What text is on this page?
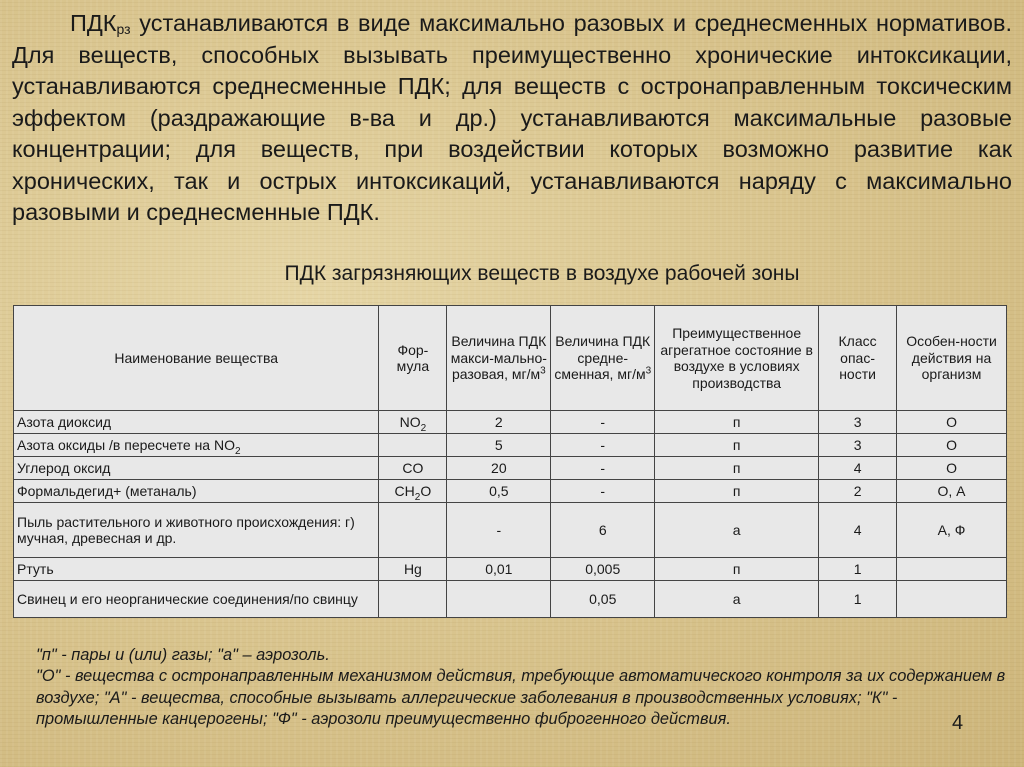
$ПДК_{рз}$ устанавливаются в виде максимально разовых и среднесменных нормативов. Для веществ, способных вызывать преимущественно хронические интоксикации, устанавливаются среднесменные ПДК; для веществ с остронаправленным токсическим эффектом (раздражающие в-ва и др.) устанавливаются максимальные разовые концентрации; для веществ, при воздействии которых возможно развитие как хронических, так и острых интоксикаций, устанавливаются наряду с максимально разовыми и среднесменные ПДК.

ПДК загрязняющих веществ в воздухе рабочей зоны
Наименование вещества	Фор-мула	Величина ПДК макси-мально-разовая, $мг/м^3$	Величина ПДК средне-сменная, $мг/м^3$	Преимущественное агрегатное состояние в воздухе в условиях производства	Класс опас-ности	Особен-ности действия на организм
Азота диоксид	$NO_2$	2	-	п	3	О
Азота оксиды /в пересчете на $NO_2$		5	-	п	3	О
Углерод оксид	CO	20	-	п	4	О
Формальдегид+ (метаналь)	$CH_2O$	0,5	-	п	2	О, А
Пыль растительного и животного происхождения: г) мучная, древесная и др.		-	6	а	4	А, Ф
Ртуть	Hg	0,01	0,005	п	1	
Свинец и его неорганические соединения/по свинцу			0,05	а	1	

"п" - пары и (или) газы; "а" – аэрозоль.
"О" - вещества с остронаправленным механизмом действия, требующие автоматического контроля за их содержанием в воздухе; "А" - вещества, способные вызывать аллергические заболевания в производственных условиях; "К" - промышленные канцерогены; "Ф" - аэрозоли преимущественно фиброгенного действия.	4
